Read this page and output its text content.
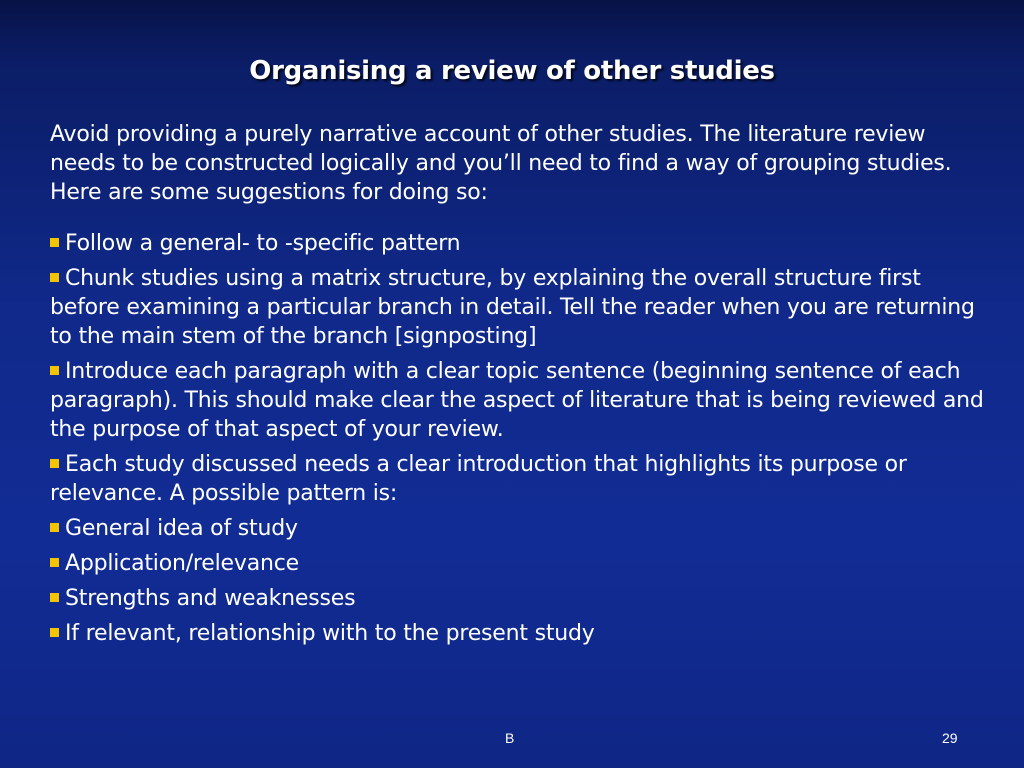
Organising a review of other studies

Avoid providing a purely narrative account of other studies. The literature review needs to be constructed logically and you’ll need to find a way of grouping studies. Here are some suggestions for doing so:

Follow a general- to -specific pattern
Chunk studies using a matrix structure, by explaining the overall structure first before examining a particular branch in detail. Tell the reader when you are returning to the main stem of the branch [signposting]
Introduce each paragraph with a clear topic sentence (beginning sentence of each paragraph). This should make clear the aspect of literature that is being reviewed and the purpose of that aspect of your review.
Each study discussed needs a clear introduction that highlights its purpose or relevance. A possible pattern is:
General idea of study
Application/relevance
Strengths and weaknesses
If relevant, relationship with to the present study
B	29
